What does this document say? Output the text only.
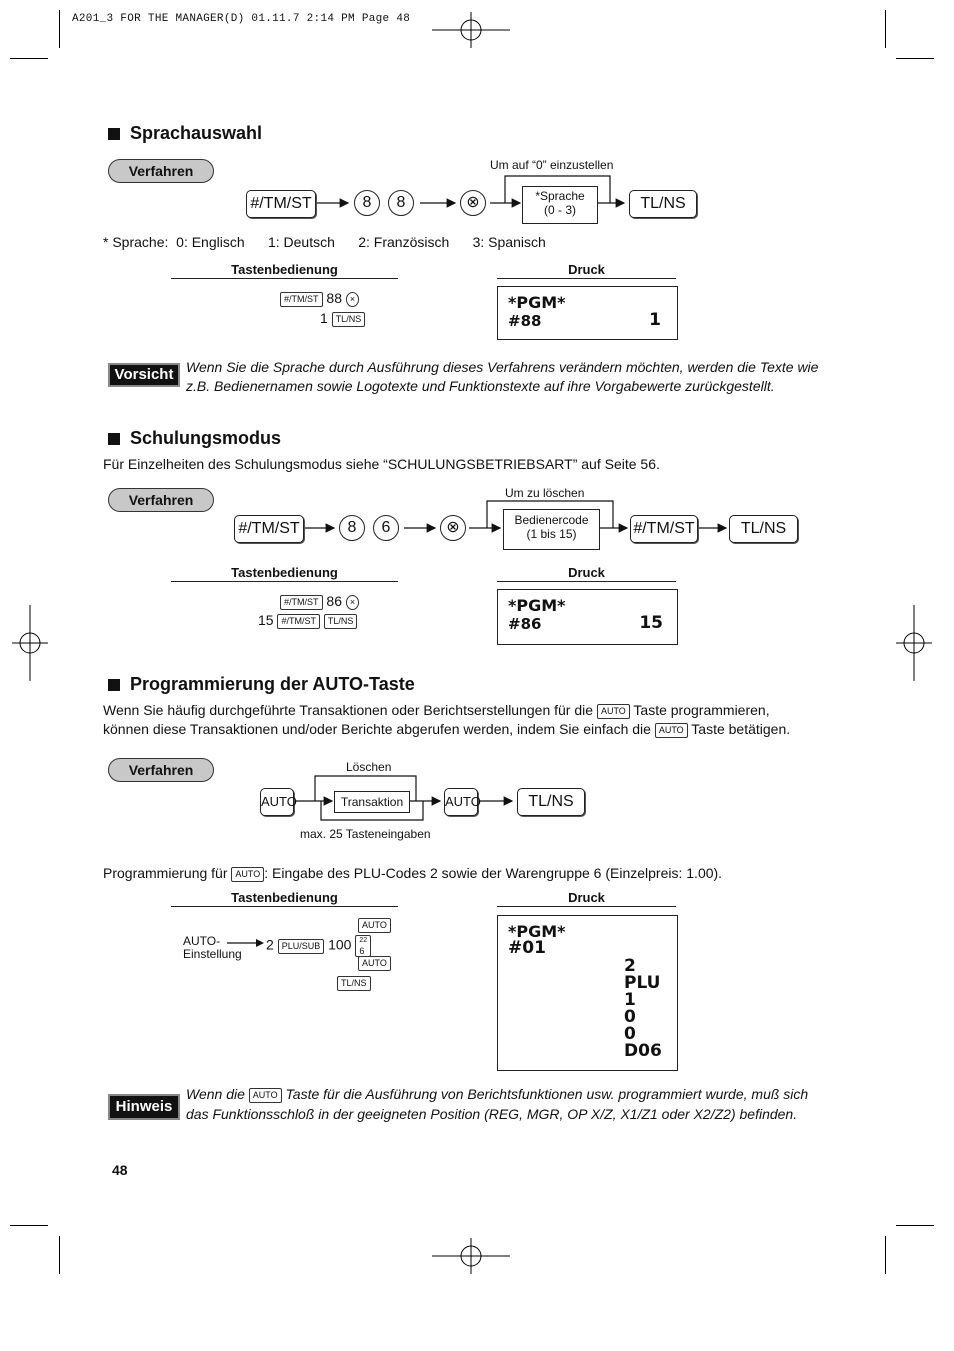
A201_3 FOR THE MANAGER(D) 01.11.7 2:14 PM Page 48
Sprachauswahl
Verfahren	Um auf “0” einzustellen
#/TM/ST	8	8	⊗	*Sprache
(0 - 3)	TL/NS
* Sprache:  0: Englisch      1: Deutsch      2: Französisch      3: Spanisch
Tastenbedienung	Druck
#/TM/ST 88 ×
1 TL/NS
*PGM*
#88	1
Vorsicht Wenn Sie die Sprache durch Ausführung dieses Verfahrens verändern möchten, werden die Texte wie z.B. Bedienernamen sowie Logotexte und Funktionstexte auf ihre Vorgabewerte zurückgestellt.
Schulungsmodus
Für Einzelheiten des Schulungsmodus siehe “SCHULUNGSBETRIEBSART” auf Seite 56.
Verfahren	Um zu löschen
#/TM/ST	8	6	⊗	Bedienercode
(1 bis 15)	#/TM/ST	TL/NS
Tastenbedienung	Druck
#/TM/ST 86 ×
15 #/TM/ST TL/NS
*PGM*
#86	15
Programmierung der AUTO-Taste
Wenn Sie häufig durchgeführte Transaktionen oder Berichtserstellungen für die AUTO Taste programmieren,
können diese Transaktionen und/oder Berichte abgerufen werden, indem Sie einfach die AUTO Taste betätigen.
Verfahren	Löschen
AUTO	Transaktion	AUTO	TL/NS
max. 25 Tasteneingaben
Programmierung für AUTO : Eingabe des PLU-Codes 2 sowie der Warengruppe 6 (Einzelpreis: 1.00).
Tastenbedienung	Druck
AUTO-
Einstellung
AUTO
2 PLU/SUB 100 $^{22}$
6
AUTO
TL/NS
*PGM*
#01
2
PLU
1
0
0
D06
Hinweis
Wenn die AUTO Taste für die Ausführung von Berichtsfunktionen usw. programmiert wurde, muß sich
das Funktionsschloß in der geeigneten Position (REG, MGR, OP X/Z, X1/Z1 oder X2/Z2) befinden.
48
